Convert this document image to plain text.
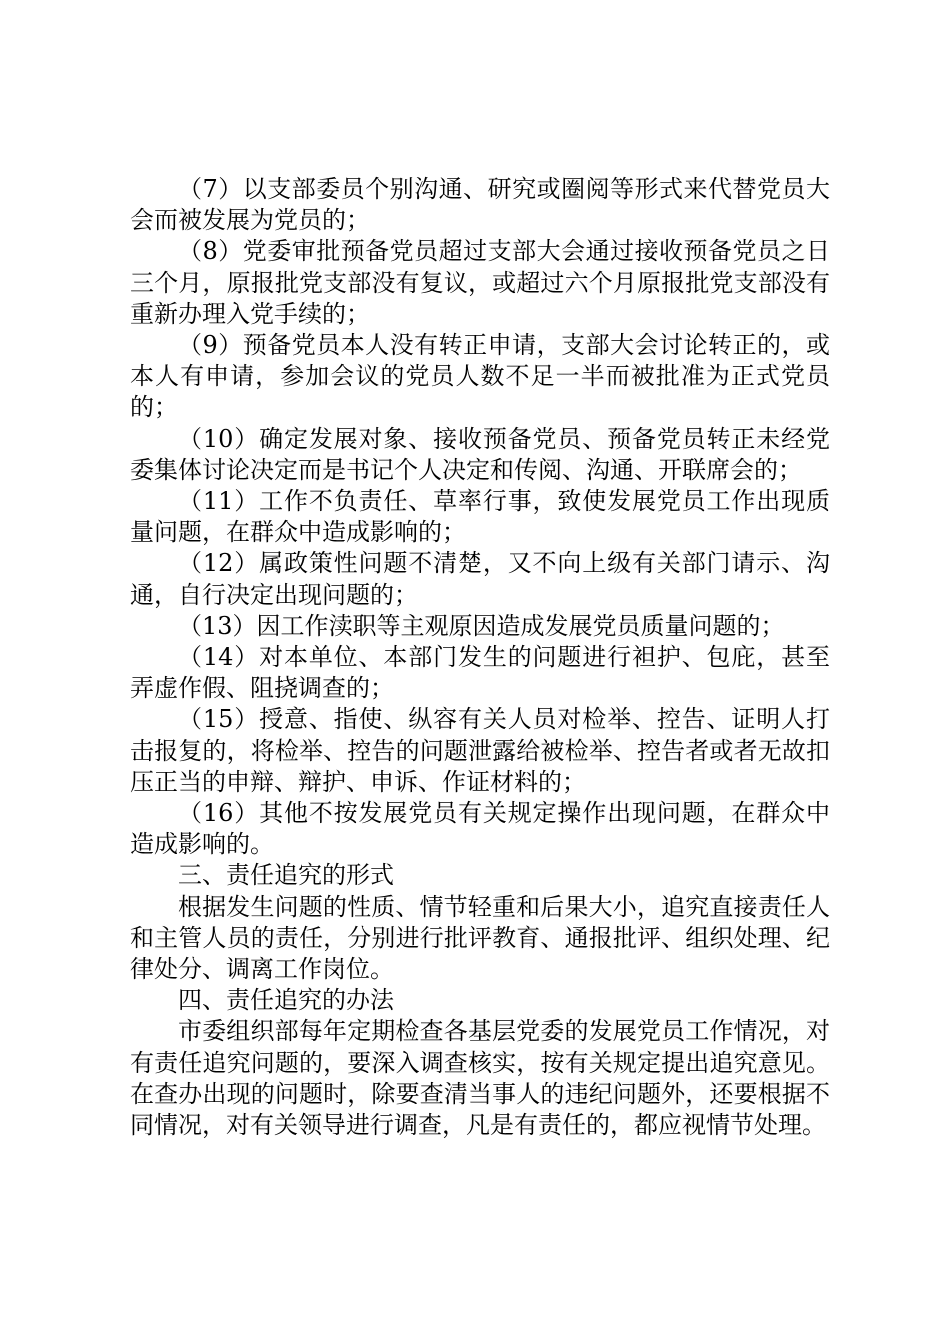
（7）以支部委员个别沟通、研究或圈阅等形式来代替党员大会而被发展为党员的；

（8）党委审批预备党员超过支部大会通过接收预备党员之日三个月，原报批党支部没有复议，或超过六个月原报批党支部没有重新办理入党手续的；

（9）预备党员本人没有转正申请，支部大会讨论转正的，或本人有申请，参加会议的党员人数不足一半而被批准为正式党员的；

（10）确定发展对象、接收预备党员、预备党员转正未经党委集体讨论决定而是书记个人决定和传阅、沟通、开联席会的；

（11）工作不负责任、草率行事，致使发展党员工作出现质量问题，在群众中造成影响的；

（12）属政策性问题不清楚，又不向上级有关部门请示、沟通，自行决定出现问题的；

（13）因工作渎职等主观原因造成发展党员质量问题的；

（14）对本单位、本部门发生的问题进行袒护、包庇，甚至弄虚作假、阻挠调查的；

（15）授意、指使、纵容有关人员对检举、控告、证明人打击报复的，将检举、控告的问题泄露给被检举、控告者或者无故扣压正当的申辩、辩护、申诉、作证材料的；

（16）其他不按发展党员有关规定操作出现问题，在群众中造成影响的。

三、责任追究的形式

根据发生问题的性质、情节轻重和后果大小，追究直接责任人和主管人员的责任，分别进行批评教育、通报批评、组织处理、纪律处分、调离工作岗位。

四、责任追究的办法

市委组织部每年定期检查各基层党委的发展党员工作情况，对有责任追究问题的，要深入调查核实，按有关规定提出追究意见。在查办出现的问题时，除要查清当事人的违纪问题外，还要根据不同情况，对有关领导进行调查，凡是有责任的，都应视情节处理。
